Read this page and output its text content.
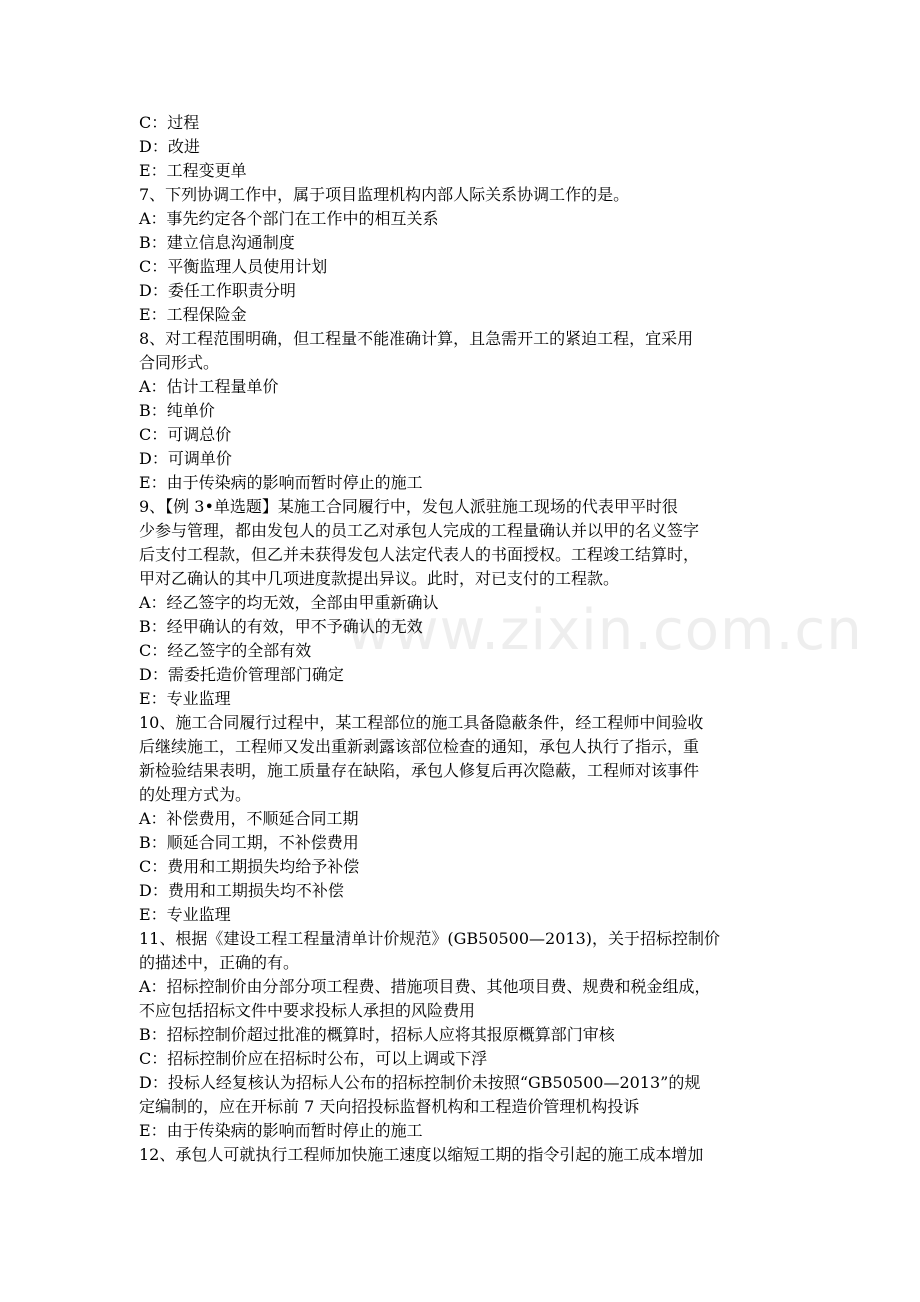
www.zixin.com.cn
C：过程
D：改进
E：工程变更单
7、下列协调工作中，属于项目监理机构内部人际关系协调工作的是。
A：事先约定各个部门在工作中的相互关系
B：建立信息沟通制度
C：平衡监理人员使用计划
D：委任工作职责分明
E：工程保险金
8、对工程范围明确，但工程量不能准确计算，且急需开工的紧迫工程，宜采用
合同形式。
A：估计工程量单价
B：纯单价
C：可调总价
D：可调单价
E：由于传染病的影响而暂时停止的施工
9、【例 3•单选题】某施工合同履行中，发包人派驻施工现场的代表甲平时很
少参与管理，都由发包人的员工乙对承包人完成的工程量确认并以甲的名义签字
后支付工程款，但乙并未获得发包人法定代表人的书面授权。工程竣工结算时，
甲对乙确认的其中几项进度款提出异议。此时，对已支付的工程款。
A：经乙签字的均无效，全部由甲重新确认
B：经甲确认的有效，甲不予确认的无效
C：经乙签字的全部有效
D：需委托造价管理部门确定
E：专业监理
10、施工合同履行过程中，某工程部位的施工具备隐蔽条件，经工程师中间验收
后继续施工，工程师又发出重新剥露该部位检查的通知，承包人执行了指示，重
新检验结果表明，施工质量存在缺陷，承包人修复后再次隐蔽，工程师对该事件
的处理方式为。
A：补偿费用，不顺延合同工期
B：顺延合同工期，不补偿费用
C：费用和工期损失均给予补偿
D：费用和工期损失均不补偿
E：专业监理
11、根据《建设工程工程量清单计价规范》(GB50500—2013)，关于招标控制价
的描述中，正确的有。
A：招标控制价由分部分项工程费、措施项目费、其他项目费、规费和税金组成，
不应包括招标文件中要求投标人承担的风险费用
B：招标控制价超过批准的概算时，招标人应将其报原概算部门审核
C：招标控制价应在招标时公布，可以上调或下浮
D：投标人经复核认为招标人公布的招标控制价未按照“GB50500—2013”的规
定编制的，应在开标前 7 天向招投标监督机构和工程造价管理机构投诉
E：由于传染病的影响而暂时停止的施工
12、承包人可就执行工程师加快施工速度以缩短工期的指令引起的施工成本增加
